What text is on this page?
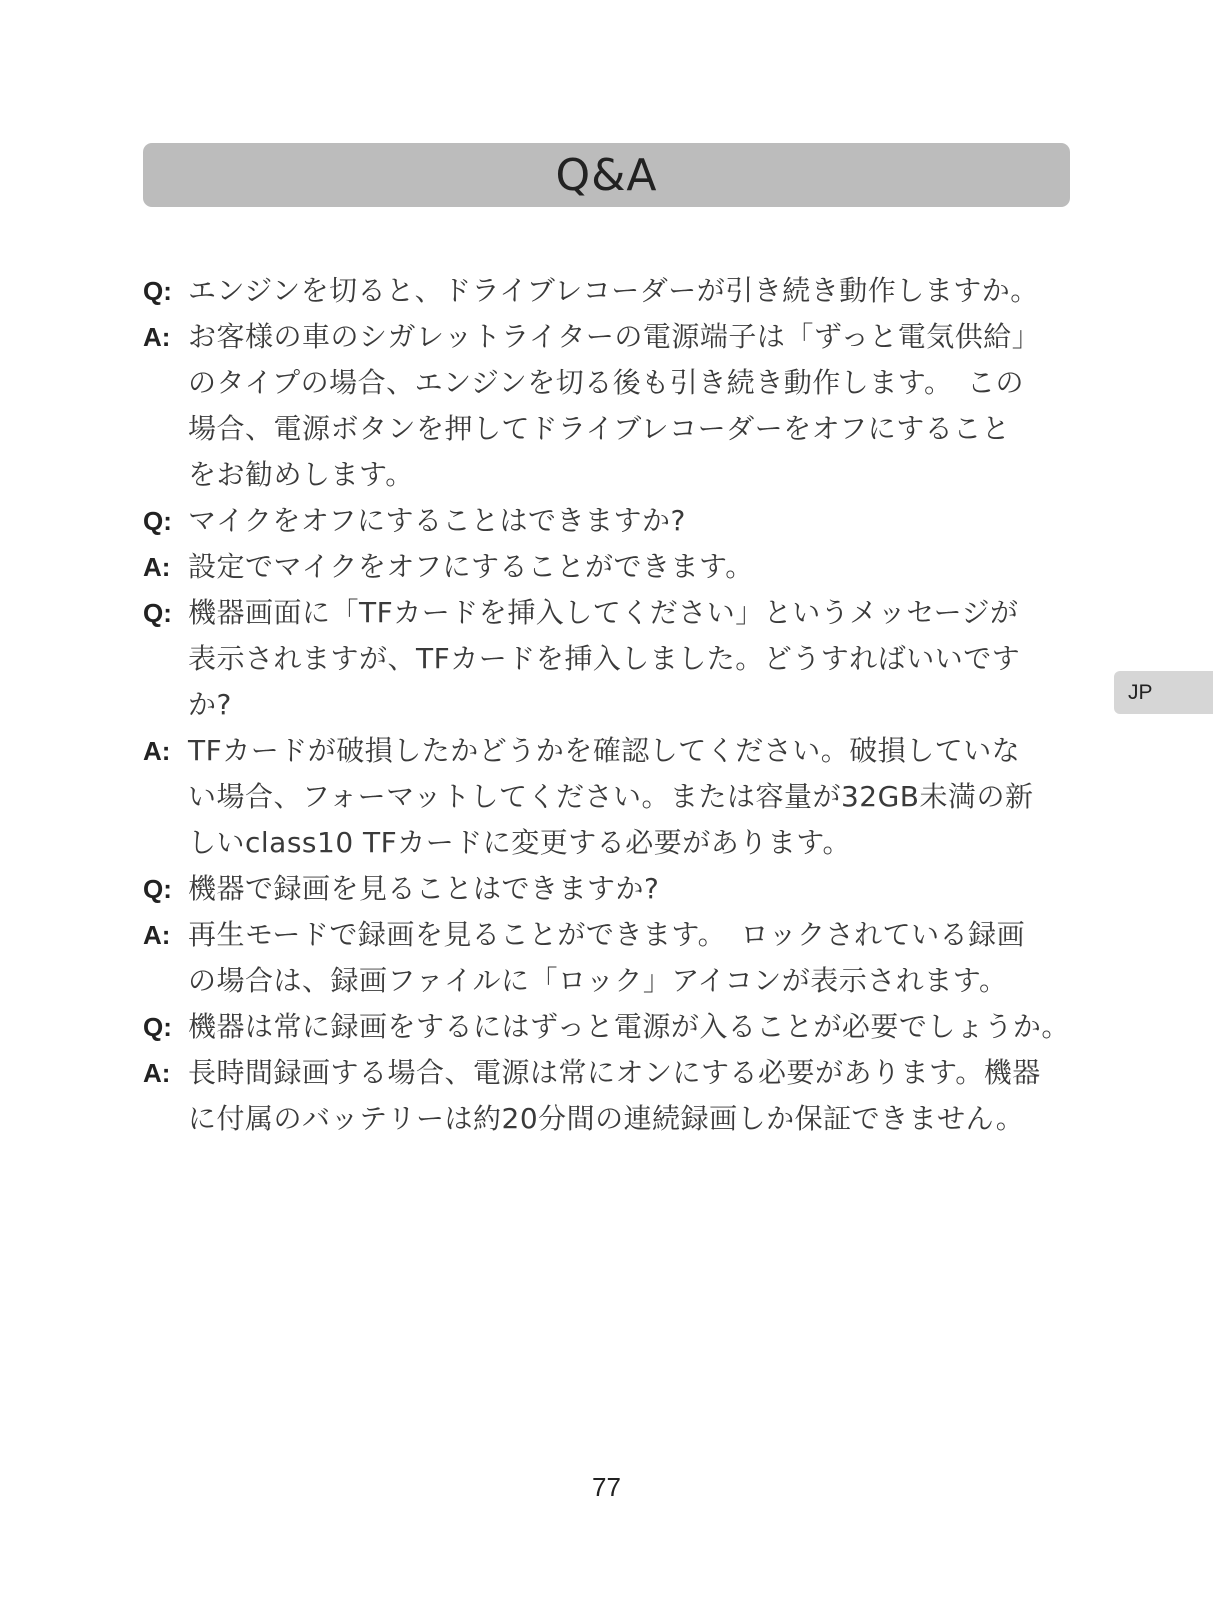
Q&A
Q: エンジンを切ると、ドライブレコーダーが引き続き動作しますか。
A: お客様の車のシガレットライターの電源端子は「ずっと電気供給」
のタイプの場合、エンジンを切る後も引き続き動作します。　この
場合、電源ボタンを押してドライブレコーダーをオフにすること
をお勧めします。
Q: マイクをオフにすることはできますか?
A: 設定でマイクをオフにすることができます。
Q: 機器画面に「TFカードを挿入してください」というメッセージが
表示されますが、TFカードを挿入しました。どうすればいいです
か?
A: TFカードが破損したかどうかを確認してください。破損していな
い場合、フォーマットしてください。または容量が32GB未満の新
しいclass10 TFカードに変更する必要があります。
Q: 機器で録画を見ることはできますか?
A: 再生モードで録画を見ることができます。　ロックされている録画
の場合は、録画ファイルに「ロック」アイコンが表示されます。
Q: 機器は常に録画をするにはずっと電源が入ることが必要でしょうか。
A: 長時間録画する場合、電源は常にオンにする必要があります。機器
に付属のバッテリーは約20分間の連続録画しか保証できません。
JP
77
